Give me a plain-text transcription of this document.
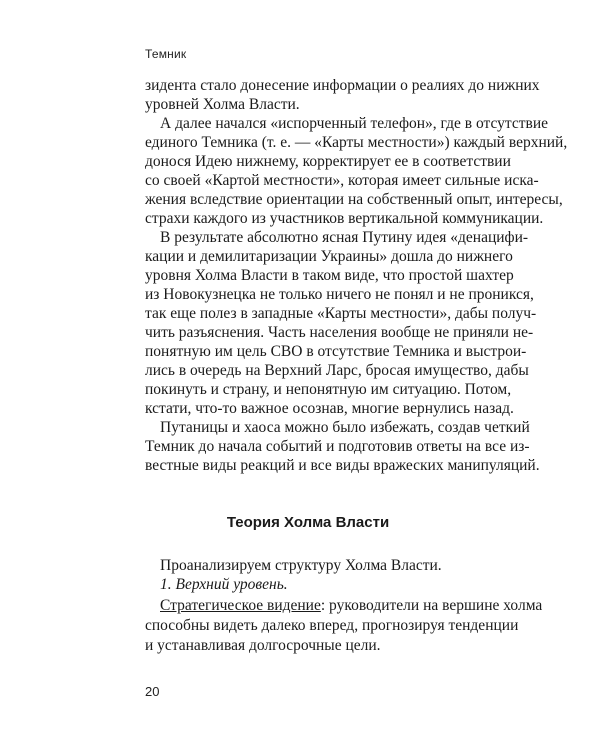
Темник
зидента стало донесение информации о реалиях до нижних
уровней Холма Власти.
А далее начался «испорченный телефон», где в отсутствие
единого Темника (т. е. — «Карты местности») каждый верхний,
донося Идею нижнему, корректирует ее в соответствии
со своей «Картой местности», которая имеет сильные иска-
жения вследствие ориентации на собственный опыт, интересы,
страхи каждого из участников вертикальной коммуникации.
В результате абсолютно ясная Путину идея «денацифи-
кации и демилитаризации Украины» дошла до нижнего
уровня Холма Власти в таком виде, что простой шахтер
из Новокузнецка не только ничего не понял и не проникся,
так еще полез в западные «Карты местности», дабы получ-
чить разъяснения. Часть населения вообще не приняли не-
понятную им цель СВО в отсутствие Темника и выстрои-
лись в очередь на Верхний Ларс, бросая имущество, дабы
покинуть и страну, и непонятную им ситуацию. Потом,
кстати, что-то важное осознав, многие вернулись назад.
Путаницы и хаоса можно было избежать, создав четкий
Темник до начала событий и подготовив ответы на все из-
вестные виды реакций и все виды вражеских манипуляций.
Теория Холма Власти
Проанализируем структуру Холма Власти.
1. Верхний уровень.
Стратегическое видение: руководители на вершине холма
способны видеть далеко вперед, прогнозируя тенденции
и устанавливая долгосрочные цели.
20
